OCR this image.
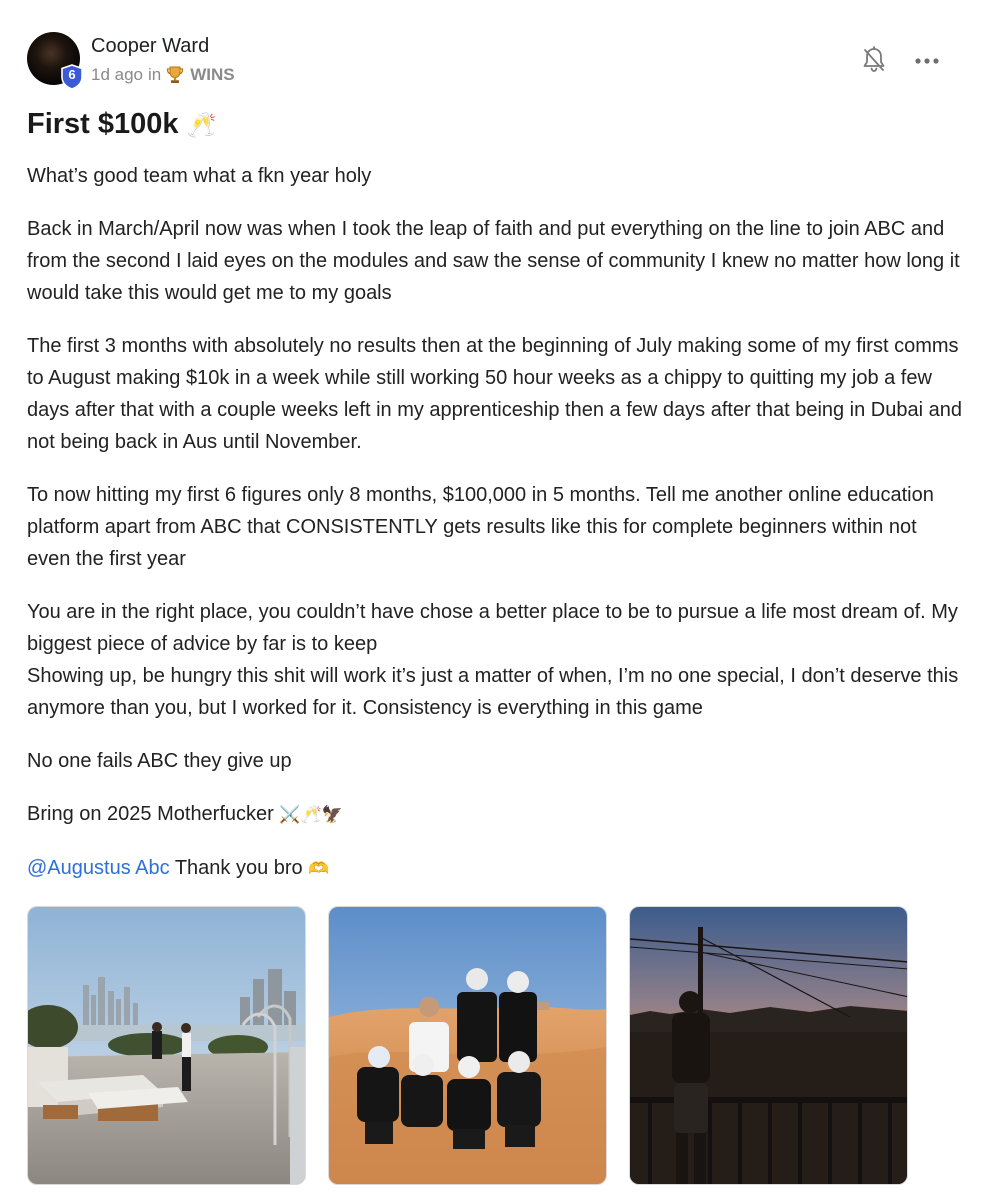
6
Cooper Ward
1d ago in WINS
First $100k 🥂

What’s good team what a fkn year holy

Back in March/April now was when I took the leap of faith and put everything on the line to join ABC and from the second I laid eyes on the modules and saw the sense of community I knew no matter how long it would take this would get me to my goals

The first 3 months with absolutely no results then at the beginning of July making some of my first comms to August making $10k in a week while still working 50 hour weeks as a chippy to quitting my job a few days after that with a couple weeks left in my apprenticeship then a few days after that being in Dubai and not being back in Aus until November.

To now hitting my first 6 figures only 8 months, $100,000 in 5 months. Tell me another online education platform apart from ABC that CONSISTENTLY gets results like this for complete beginners within not even the first year

You are in the right place, you couldn’t have chose a better place to be to pursue a life most dream of. My biggest piece of advice by far is to keep
Showing up, be hungry this shit will work it’s just a matter of when, I’m no one special, I don’t deserve this anymore than you, but I worked for it. Consistency is everything in this game

No one fails ABC they give up

Bring on 2025 Motherfucker ⚔️🥂🦅

@Augustus Abc Thank you bro 🫶
